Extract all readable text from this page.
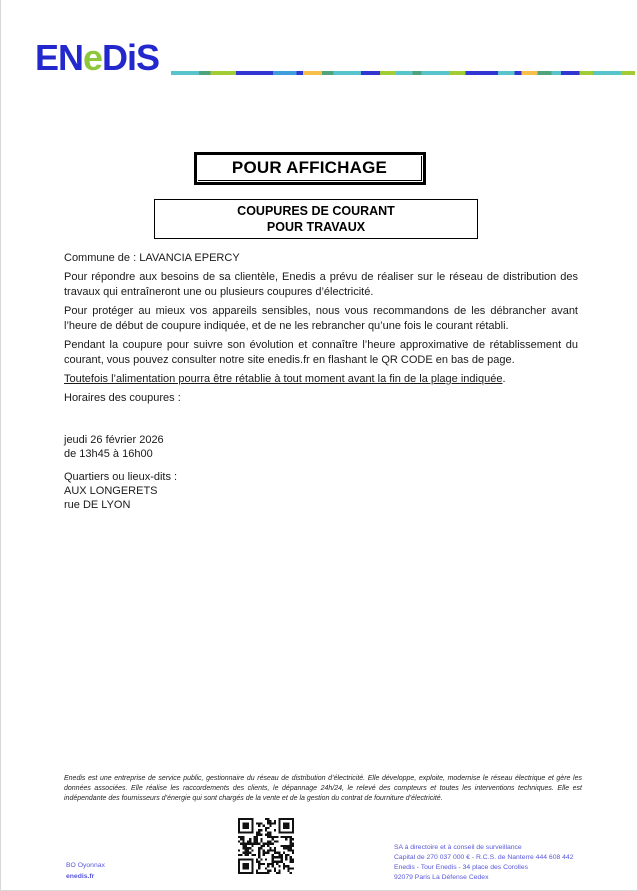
ENeDiS
POUR AFFICHAGE
COUPURES DE COURANT
POUR TRAVAUX

Commune de : LAVANCIA EPERCY

Pour répondre aux besoins de sa clientèle, Enedis a prévu de réaliser sur le réseau de distribution des travaux qui entraîneront une ou plusieurs coupures d’électricité.

Pour protéger au mieux vos appareils sensibles, nous vous recommandons de les débrancher avant l’heure de début de coupure indiquée, et de ne les rebrancher qu’une fois le courant rétabli.

Pendant la coupure pour suivre son évolution et connaître l’heure approximative de rétablissement du courant, vous pouvez consulter notre site enedis.fr en flashant le QR CODE en bas de page.

Toutefois l’alimentation pourra être rétablie à tout moment avant la fin de la plage indiquée.

Horaires des coupures :

jeudi 26 février 2026
de 13h45 à 16h00
Quartiers ou lieux-dits :
AUX LONGERETS
rue DE LYON
Enedis est une entreprise de service public, gestionnaire du réseau de distribution d’électricité. Elle développe, exploite, modernise le réseau électrique et gère les données associées. Elle réalise les raccordements des clients, le dépannage 24h/24, le relevé des compteurs et toutes les interventions techniques. Elle est indépendante des fournisseurs d’énergie qui sont chargés de la vente et de la gestion du contrat de fourniture d’électricité.
BO Oyonnax
enedis.fr
SA à directoire et à conseil de surveillance
Capital de 270 037 000 € - R.C.S. de Nanterre 444 608 442
Enedis - Tour Enedis - 34 place des Corolles
92079 Paris La Défense Cedex
